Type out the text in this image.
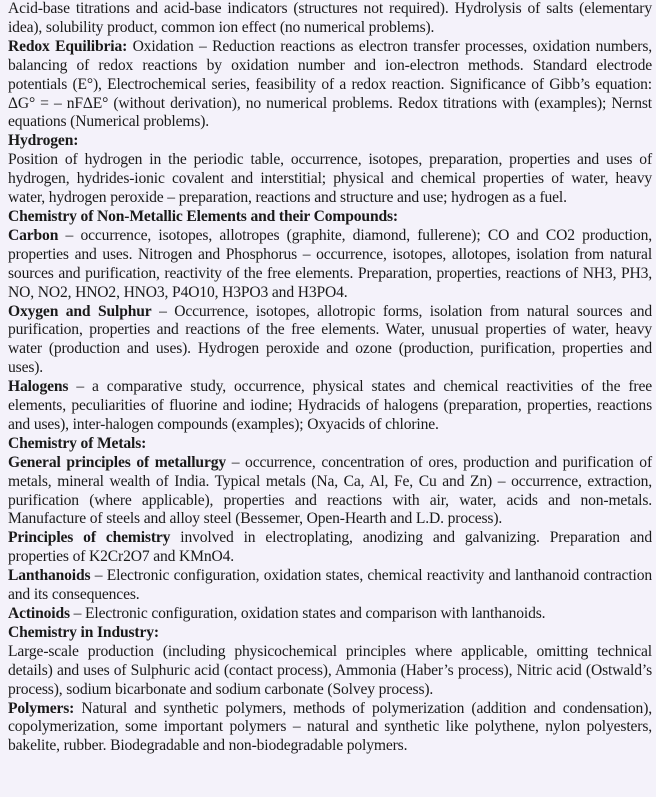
Acid-base titrations and acid-base indicators (structures not required). Hydrolysis of salts (elementary idea), solubility product, common ion effect (no numerical problems).

Redox Equilibria: Oxidation – Reduction reactions as electron transfer processes, oxidation numbers, balancing of redox reactions by oxidation number and ion-electron methods. Standard electrode potentials (E°), Electrochemical series, feasibility of a redox reaction. Significance of Gibb’s equation: ΔG° = – nFΔE° (without derivation), no numerical problems. Redox titrations with (examples); Nernst equations (Numerical problems).

Hydrogen:

Position of hydrogen in the periodic table, occurrence, isotopes, preparation, properties and uses of hydrogen, hydrides-ionic covalent and interstitial; physical and chemical properties of water, heavy water, hydrogen peroxide – preparation, reactions and structure and use; hydrogen as a fuel.

Chemistry of Non-Metallic Elements and their Compounds:

Carbon – occurrence, isotopes, allotropes (graphite, diamond, fullerene); CO and CO2 production, properties and uses. Nitrogen and Phosphorus – occurrence, isotopes, allotopes, isolation from natural sources and purification, reactivity of the free elements. Preparation, properties, reactions of NH3, PH3, NO, NO2, HNO2, HNO3, P4O10, H3PO3 and H3PO4.

Oxygen and Sulphur – Occurrence, isotopes, allotropic forms, isolation from natural sources and purification, properties and reactions of the free elements. Water, unusual properties of water, heavy water (production and uses). Hydrogen peroxide and ozone (production, purification, properties and uses).

Halogens – a comparative study, occurrence, physical states and chemical reactivities of the free elements, peculiarities of fluorine and iodine; Hydracids of halogens (preparation, properties, reactions and uses), inter-halogen compounds (examples); Oxyacids of chlorine.

Chemistry of Metals:

General principles of metallurgy – occurrence, concentration of ores, production and purification of metals, mineral wealth of India. Typical metals (Na, Ca, Al, Fe, Cu and Zn) – occurrence, extraction, purification (where applicable), properties and reactions with air, water, acids and non-metals. Manufacture of steels and alloy steel (Bessemer, Open-Hearth and L.D. process).

Principles of chemistry involved in electroplating, anodizing and galvanizing. Preparation and properties of K2Cr2O7 and KMnO4.

Lanthanoids – Electronic configuration, oxidation states, chemical reactivity and lanthanoid contraction and its consequences.

Actinoids – Electronic configuration, oxidation states and comparison with lanthanoids.

Chemistry in Industry:

Large-scale production (including physicochemical principles where applicable, omitting technical details) and uses of Sulphuric acid (contact process), Ammonia (Haber’s process), Nitric acid (Ostwald’s process), sodium bicarbonate and sodium carbonate (Solvey process).

Polymers: Natural and synthetic polymers, methods of polymerization (addition and condensation), copolymerization, some important polymers – natural and synthetic like polythene, nylon polyesters, bakelite, rubber. Biodegradable and non-biodegradable polymers.
